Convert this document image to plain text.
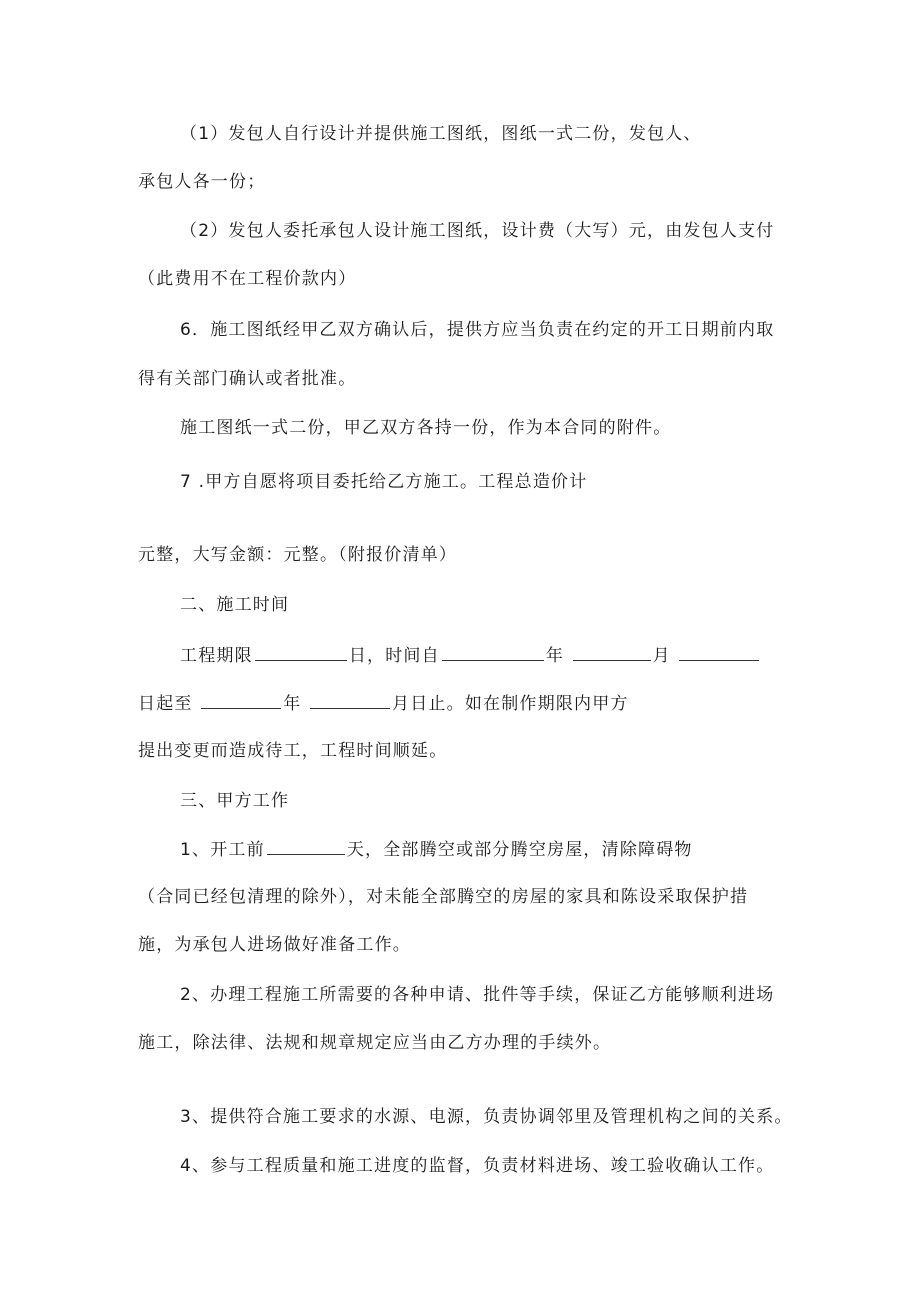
（1）发包人自行设计并提供施工图纸，图纸一式二份，发包人、
承包人各一份；
（2）发包人委托承包人设计施工图纸，设计费（大写）元，由发包人支付
（此费用不在工程价款内）
6．施工图纸经甲乙双方确认后，提供方应当负责在约定的开工日期前内取
得有关部门确认或者批准。
施工图纸一式二份，甲乙双方各持一份，作为本合同的附件。
7 .甲方自愿将项目委托给乙方施工。工程总造价计
元整，大写金额：元整。（附报价清单）
二、施工时间
工程期限	日，时间自	年	月
日起至	年	月日止。如在制作期限内甲方
提出变更而造成待工，工程时间顺延。
三、甲方工作
1、开工前	天，全部腾空或部分腾空房屋，清除障碍物
（合同已经包清理的除外），对未能全部腾空的房屋的家具和陈设采取保护措
施，为承包人进场做好准备工作。
2、办理工程施工所需要的各种申请、批件等手续，保证乙方能够顺利进场
施工，除法律、法规和规章规定应当由乙方办理的手续外。
3、提供符合施工要求的水源、电源，负责协调邻里及管理机构之间的关系。
4、参与工程质量和施工进度的监督，负责材料进场、竣工验收确认工作。
